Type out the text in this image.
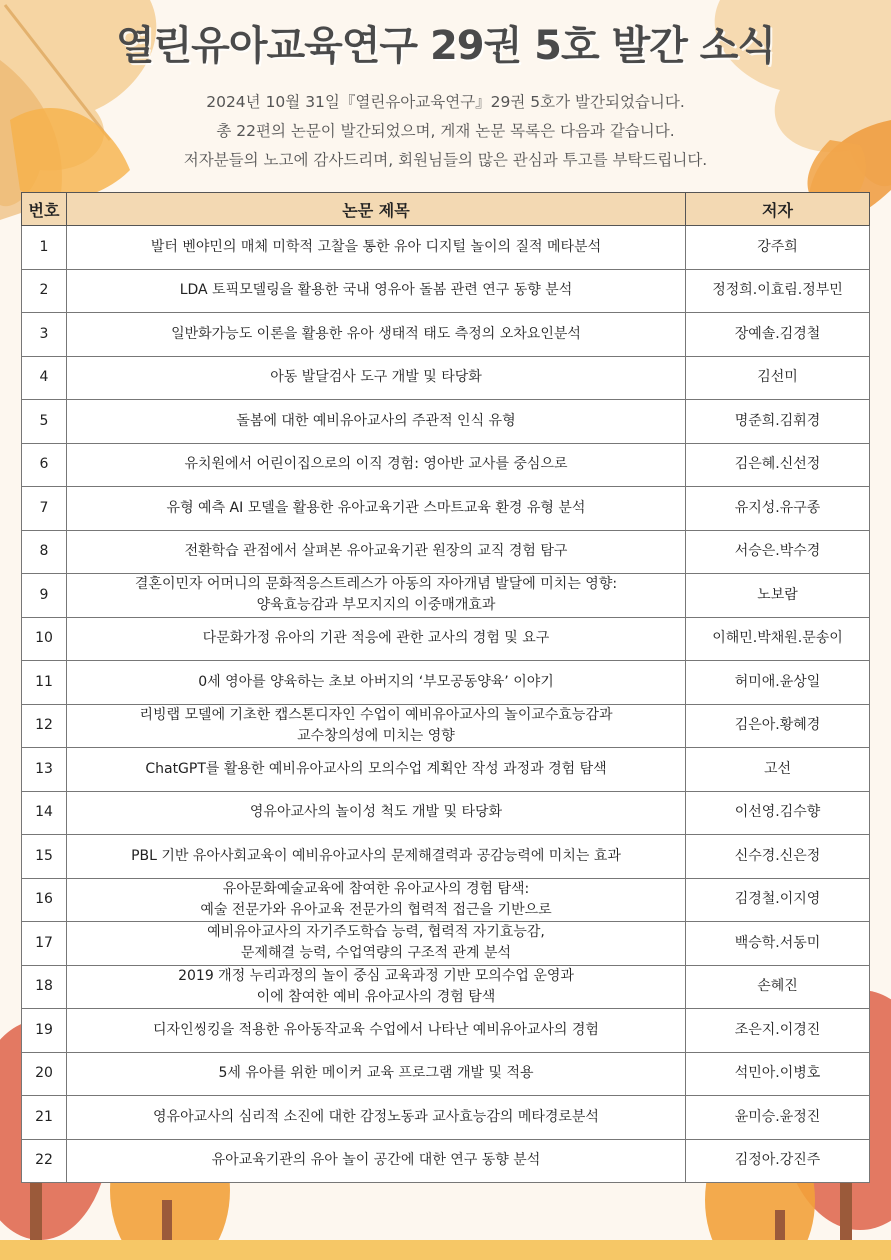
열린유아교육연구 29권 5호 발간 소식
2024년 10월 31일『열린유아교육연구』29권 5호가 발간되었습니다.
총 22편의 논문이 발간되었으며, 게재 논문 목록은 다음과 같습니다.
저자분들의 노고에 감사드리며, 회원님들의 많은 관심과 투고를 부탁드립니다.
번호	논문 제목	저자
1	발터 벤야민의 매체 미학적 고찰을 통한 유아 디지털 놀이의 질적 메타분석	강주희
2	LDA 토픽모델링을 활용한 국내 영유아 돌봄 관련 연구 동향 분석	정정희.이효림.정부민
3	일반화가능도 이론을 활용한 유아 생태적 태도 측정의 오차요인분석	장예솔.김경철
4	아동 발달검사 도구 개발 및 타당화	김선미
5	돌봄에 대한 예비유아교사의 주관적 인식 유형	명준희.김휘경
6	유치원에서 어린이집으로의 이직 경험: 영아반 교사를 중심으로	김은혜.신선정
7	유형 예측 AI 모델을 활용한 유아교육기관 스마트교육 환경 유형 분석	유지성.유구종
8	전환학습 관점에서 살펴본 유아교육기관 원장의 교직 경험 탐구	서승은.박수경
9	결혼이민자 어머니의 문화적응스트레스가 아동의 자아개념 발달에 미치는 영향:
양육효능감과 부모지지의 이중매개효과	노보람
10	다문화가정 유아의 기관 적응에 관한 교사의 경험 및 요구	이해민.박채원.문송이
11	0세 영아를 양육하는 초보 아버지의 ‘부모공동양육’ 이야기	허미애.윤상일
12	리빙랩 모델에 기초한 캡스톤디자인 수업이 예비유아교사의 놀이교수효능감과
교수창의성에 미치는 영향	김은아.황혜경
13	ChatGPT를 활용한 예비유아교사의 모의수업 계획안 작성 과정과 경험 탐색	고선
14	영유아교사의 놀이성 척도 개발 및 타당화	이선영.김수향
15	PBL 기반 유아사회교육이 예비유아교사의 문제해결력과 공감능력에 미치는 효과	신수경.신은정
16	유아문화예술교육에 참여한 유아교사의 경험 탐색:
예술 전문가와 유아교육 전문가의 협력적 접근을 기반으로	김경철.이지영
17	예비유아교사의 자기주도학습 능력, 협력적 자기효능감,
문제해결 능력, 수업역량의 구조적 관계 분석	백승학.서동미
18	2019 개정 누리과정의 놀이 중심 교육과정 기반 모의수업 운영과
이에 참여한 예비 유아교사의 경험 탐색	손혜진
19	디자인씽킹을 적용한 유아동작교육 수업에서 나타난 예비유아교사의 경험	조은지.이경진
20	5세 유아를 위한 메이커 교육 프로그램 개발 및 적용	석민아.이병호
21	영유아교사의 심리적 소진에 대한 감정노동과 교사효능감의 메타경로분석	윤미승.윤정진
22	유아교육기관의 유아 놀이 공간에 대한 연구 동향 분석	김정아.강진주
